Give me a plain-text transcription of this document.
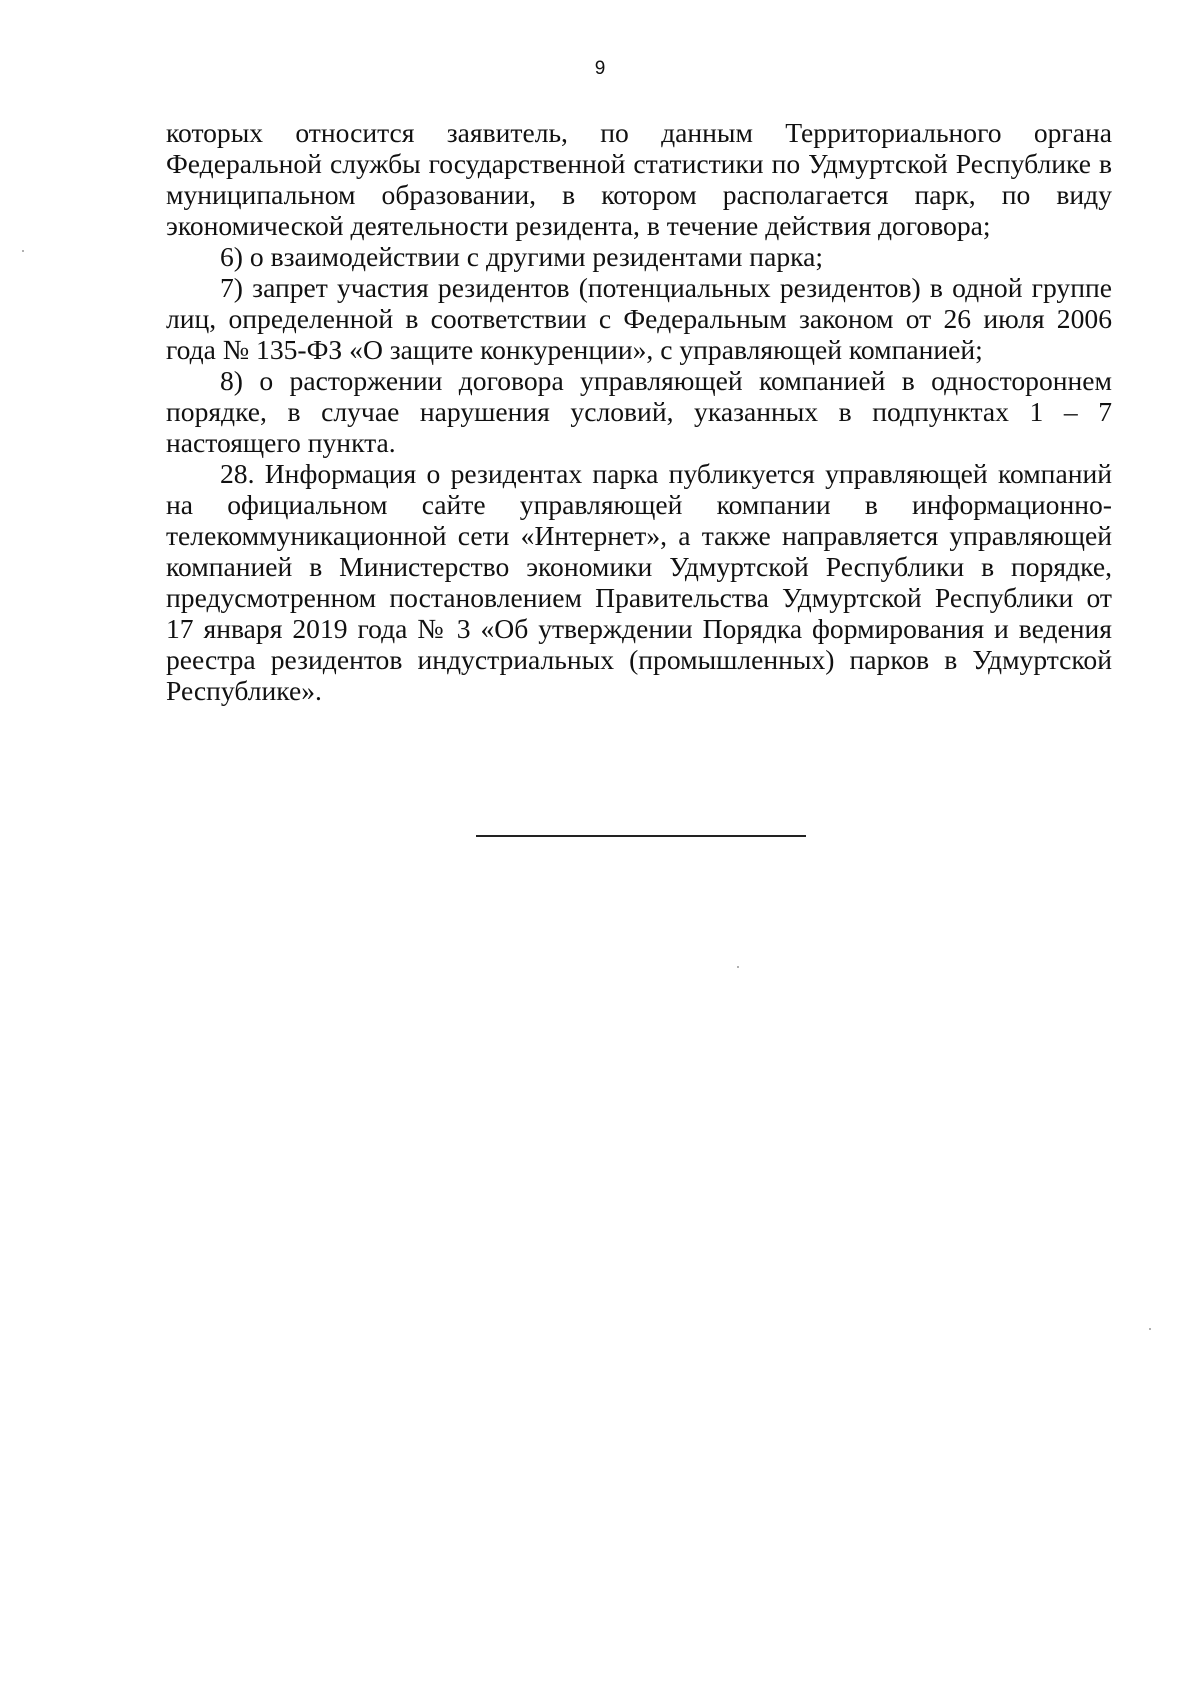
9

которых относится заявитель, по данным Территориального органа Федеральной службы государственной статистики по Удмуртской Республике в муниципальном образовании, в котором располагается парк, по виду экономической деятельности резидента, в течение действия договора;

6) о взаимодействии с другими резидентами парка;

7) запрет участия резидентов (потенциальных резидентов) в одной группе лиц, определенной в соответствии с Федеральным законом от 26 июля 2006 года № 135-ФЗ «О защите конкуренции», с управляющей компанией;

8) о расторжении договора управляющей компанией в одностороннем порядке, в случае нарушения условий, указанных в подпунктах 1 – 7 настоящего пункта.

28. Информация о резидентах парка публикуется управляющей компаний на официальном сайте управляющей компании в информационно-телекоммуникационной сети «Интернет», а также направляется управляющей компанией в Министерство экономики Удмуртской Республики в порядке, предусмотренном постановлением Правительства Удмуртской Республики от 17 января 2019 года № 3 «Об утверждении Порядка формирования и ведения реестра резидентов индустриальных (промышленных) парков в Удмуртской Республике».
